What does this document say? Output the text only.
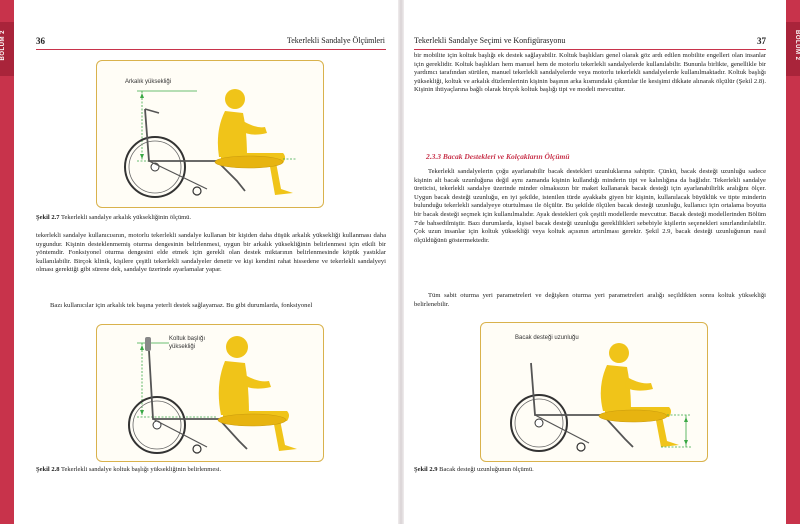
BÖLÜM 2	BÖLÜM 2
36	Tekerlekli Sandalye Ölçümleri
Arkalık yüksekliği
Şekil 2.7 Tekerlekli sandalye arkalık yüksekliğinin ölçümü.

tekerlekli sandalye kullanıcısının, motorlu tekerlekli sandalye kullanan bir kişiden daha düşük arkalık yüksekliği kullanması daha uygundur. Kişinin desteklenmemiş oturma dengesinin belirlenmesi, uygun bir arkalık yüksekliğinin belirlenmesi için etkili bir yöntemdir. Fonksiyonel oturma dengesini elde etmek için gerekli olan destek miktarının belirlenmesinde köpük yastıklar kullanılabilir. Birçok klinik, kişilere çeşitli tekerlekli sandalyeler denetir ve kişi kendini rahat hissedene ve tekerlekli sandalyeyi olması gerektiği gibi sürene dek, sandalye üzerinde ayarlamalar yapar.

Bazı kullanıcılar için arkalık tek başına yeterli destek sağlayamaz. Bu gibi durumlarda, fonksiyonel

Koltuk başlığı
yüksekliği
Şekil 2.8 Tekerlekli sandalye koltuk başlığı yüksekliğinin belirlenmesi.
Tekerlekli Sandalye Seçimi ve Konfigürasyonu	37

bir mobilite için koltuk başlığı ek destek sağlayabilir. Koltuk başlıkları genel olarak göz ardı edilen mobilite engelleri olan insanlar için gereklidir. Koltuk başlıkları hem manuel hem de motorlu tekerlekli sandalyelerde kullanılabilir. Bununla birlikte, genellikle bir yardımcı tarafından sürülen, manuel tekerlekli sandalyelerde veya motorlu tekerlekli sandalyelerde kullanılmaktadır. Koltuk başlığı yüksekliği, koltuk ve arkalık düzlemlerinin kişinin başının arka kısmındaki çıkıntılar ile kesişimi dikkate alınarak ölçülür (Şekil 2.8). Kişinin ihtiyaçlarına bağlı olarak birçok koltuk başlığı tipi ve modeli mevcuttur.

2.3.3 Bacak Destekleri ve Kolçakların Ölçümü

Tekerlekli sandalyelerin çoğu ayarlanabilir bacak destekleri uzunluklarına sahiptir. Çünkü, bacak desteği uzunluğu sadece kişinin alt bacak uzunluğuna değil aynı zamanda kişinin kullandığı minderin tipi ve kalınlığına da bağlıdır. Tekerlekli sandalye üreticisi, tekerlekli sandalye üzerinde minder olmaksızın bir maket kullanarak bacak desteği için ayarlanabilirlik aralığını ölçer. Uygun bacak desteği uzunluğu, en iyi şekilde, istenilen türde ayakkabı giyen bir kişinin, kullanılacak büyüklük ve tipte minderin bulunduğu tekerlekli sandalyeye oturtulması ile ölçülür. Bu şekilde ölçülen bacak desteği uzunluğu, kullanıcı için ortalama boyutta bir bacak desteği seçmek için kullanılmalıdır. Ayak destekleri çok çeşitli modellerde mevcuttur. Bacak desteği modellerinden Bölüm 7'de bahsedilmiştir. Bazı durumlarda, kişisel bacak desteği uzunluğu gereklilikleri sebebiyle kişilerin seçenekleri sınırlandırılabilir. Çok uzun insanlar için koltuk yüksekliği veya koltuk açısının artırılması gerekir. Şekil 2.9, bacak desteği uzunluğunun nasıl ölçüldüğünü göstermektedir.

Tüm sabit oturma yeri parametreleri ve değişken oturma yeri parametreleri aralığı seçildikten sonra koltuk yüksekliği belirlenebilir.

Bacak desteği uzunluğu
Şekil 2.9 Bacak desteği uzunluğunun ölçümü.
